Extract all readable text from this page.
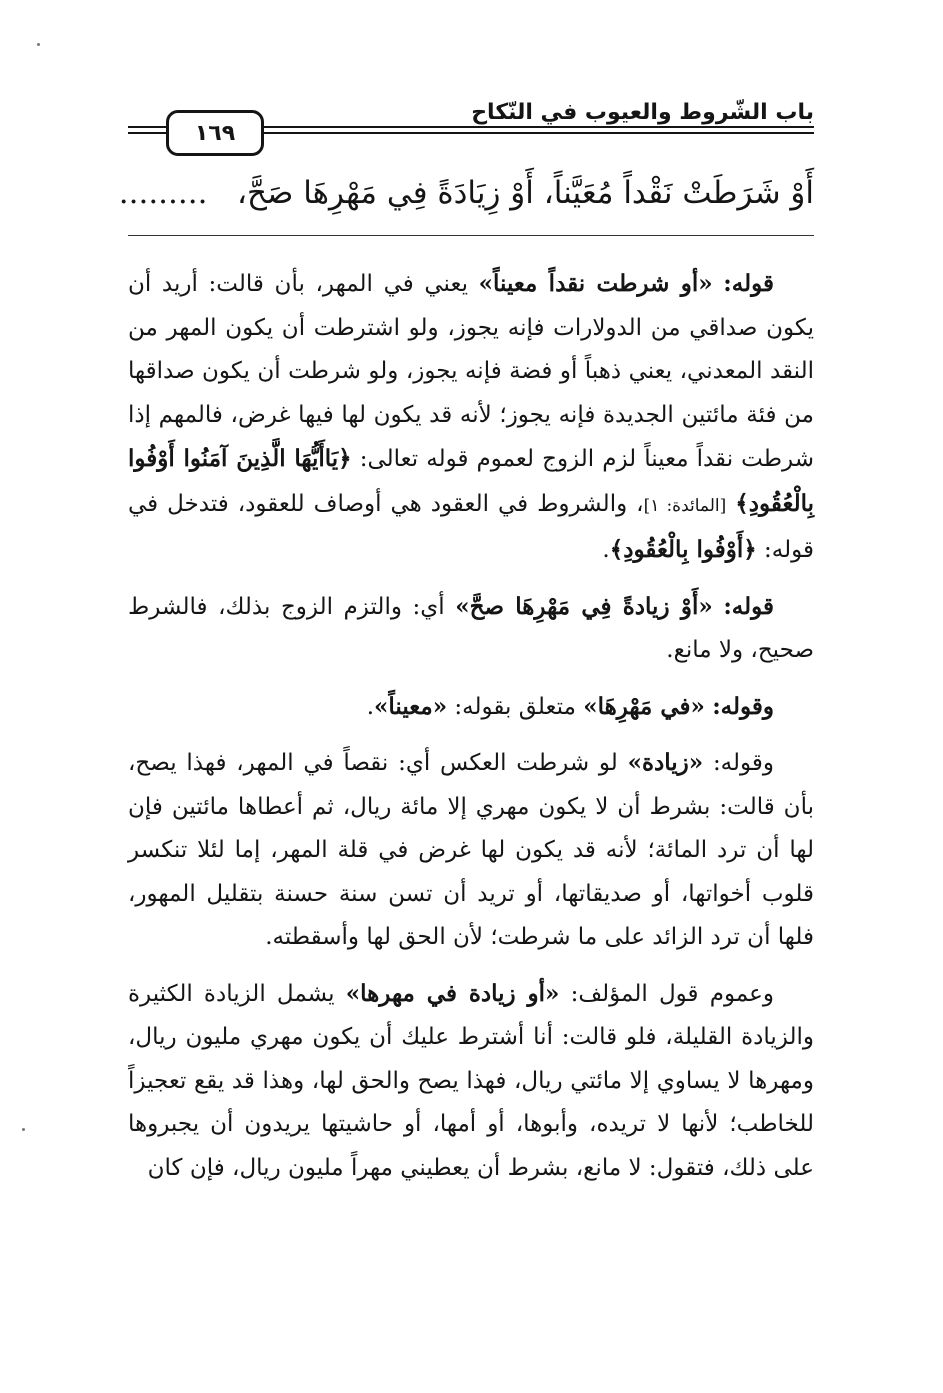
١٦٩
باب الشّروط والعيوب في النّكاح
أَوْ شَرَطَتْ نَقْداً مُعَيَّناً، أَوْ زِيَادَةً فِي مَهْرِهَا صَحَّ،   .........

قوله: «أو شرطت نقداً معيناً» يعني في المهر، بأن قالت: أريد أن يكون صداقي من الدولارات فإنه يجوز، ولو اشترطت أن يكون المهر من النقد المعدني، يعني ذهباً أو فضة فإنه يجوز، ولو شرطت أن يكون صداقها من فئة مائتين الجديدة فإنه يجوز؛ لأنه قد يكون لها فيها غرض، فالمهم إذا شرطت نقداً معيناً لزم الزوج لعموم قوله تعالى: ﴿يَاأَيُّهَا الَّذِينَ آمَنُوا أَوْفُوا بِالْعُقُودِ﴾ [المائدة: ١]، والشروط في العقود هي أوصاف للعقود، فتدخل في قوله: ﴿أَوْفُوا بِالْعُقُودِ﴾.

قوله: «أَوْ زيادةً فِي مَهْرِهَا صحَّ» أي: والتزم الزوج بذلك، فالشرط صحيح، ولا مانع.

وقوله: «في مَهْرِهَا» متعلق بقوله: «معيناً».

وقوله: «زيادة» لو شرطت العكس أي: نقصاً في المهر، فهذا يصح، بأن قالت: بشرط أن لا يكون مهري إلا مائة ريال، ثم أعطاها مائتين فإن لها أن ترد المائة؛ لأنه قد يكون لها غرض في قلة المهر، إما لئلا تنكسر قلوب أخواتها، أو صديقاتها، أو تريد أن تسن سنة حسنة بتقليل المهور، فلها أن ترد الزائد على ما شرطت؛ لأن الحق لها وأسقطته.

وعموم قول المؤلف: «أو زيادة في مهرها» يشمل الزيادة الكثيرة والزيادة القليلة، فلو قالت: أنا أشترط عليك أن يكون مهري مليون ريال، ومهرها لا يساوي إلا مائتي ريال، فهذا يصح والحق لها، وهذا قد يقع تعجيزاً للخاطب؛ لأنها لا تريده، وأبوها، أو أمها، أو حاشيتها يريدون أن يجبروها على ذلك، فتقول: لا مانع، بشرط أن يعطيني مهراً مليون ريال، فإن كان
